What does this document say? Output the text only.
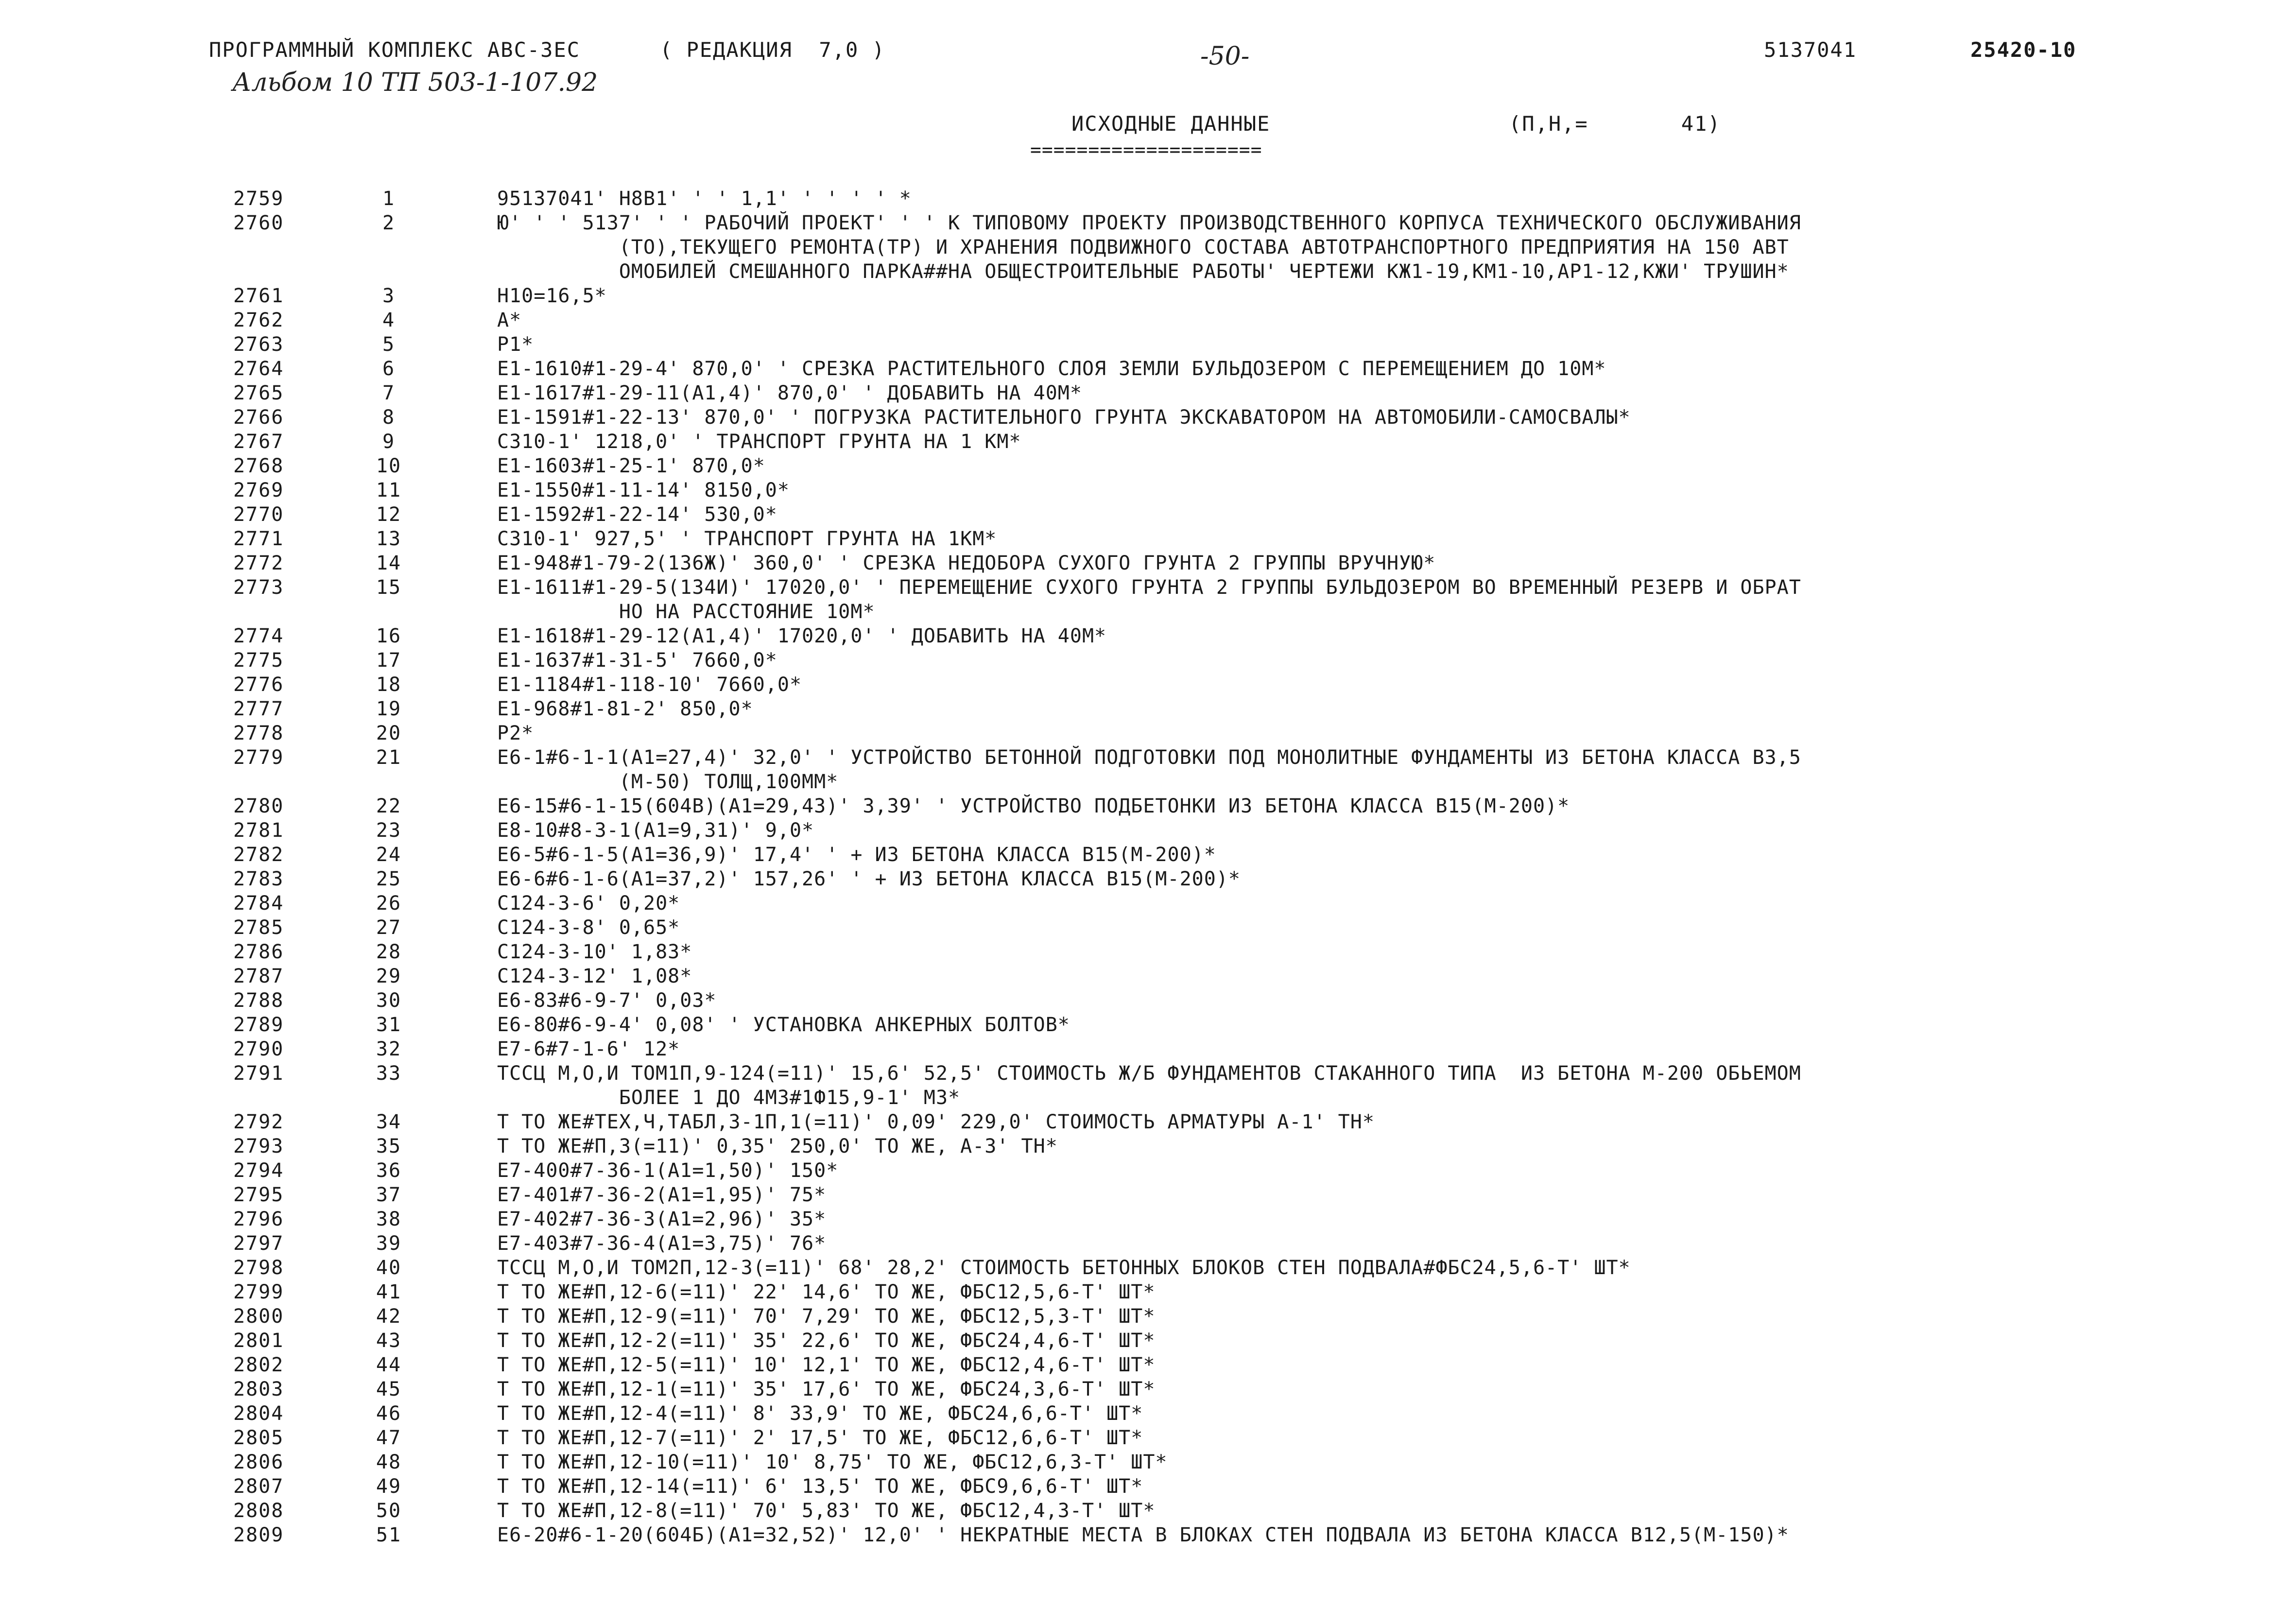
ПРОГРАММНЫЙ КОМПЛЕКС АВС-3ЕС	( РЕДАКЦИЯ  7,0 )	-50-	5137041	25420-10
Альбом 10 ТП 503-1-107.92
ИСХОДНЫЕ ДАННЫЕ
====================
(П,Н,=       41)
2759	1	95137041' Н8В1' ' ' 1,1' ' ' ' ' *
2760	2	Ю' ' ' 5137' ' ' РАБОЧИЙ ПРОЕКТ' ' ' К ТИПОВОМУ ПРОЕКТУ ПРОИЗВОДСТВЕННОГО КОРПУСА ТЕХНИЧЕСКОГО ОБСЛУЖИВАНИЯ
(ТО),ТЕКУЩЕГО РЕМОНТА(ТР) И ХРАНЕНИЯ ПОДВИЖНОГО СОСТАВА АВТОТРАНСПОРТНОГО ПРЕДПРИЯТИЯ НА 150 АВТ
ОМОБИЛЕЙ СМЕШАННОГО ПАРКА##НА ОБЩЕСТРОИТЕЛЬНЫЕ РАБОТЫ' ЧЕРТЕЖИ КЖ1-19,КМ1-10,АР1-12,КЖИ' ТРУШИН*
2761	3	Н10=16,5*
2762	4	А*
2763	5	Р1*
2764	6	Е1-1610#1-29-4' 870,0' ' СРЕЗКА РАСТИТЕЛЬНОГО СЛОЯ ЗЕМЛИ БУЛЬДОЗЕРОМ С ПЕРЕМЕЩЕНИЕМ ДО 10М*
2765	7	Е1-1617#1-29-11(А1,4)' 870,0' ' ДОБАВИТЬ НА 40М*
2766	8	Е1-1591#1-22-13' 870,0' ' ПОГРУЗКА РАСТИТЕЛЬНОГО ГРУНТА ЭКСКАВАТОРОМ НА АВТОМОБИЛИ-САМОСВАЛЫ*
2767	9	С310-1' 1218,0' ' ТРАНСПОРТ ГРУНТА НА 1 КМ*
2768	10	Е1-1603#1-25-1' 870,0*
2769	11	Е1-1550#1-11-14' 8150,0*
2770	12	Е1-1592#1-22-14' 530,0*
2771	13	С310-1' 927,5' ' ТРАНСПОРТ ГРУНТА НА 1КМ*
2772	14	Е1-948#1-79-2(136Ж)' 360,0' ' СРЕЗКА НЕДОБОРА СУХОГО ГРУНТА 2 ГРУППЫ ВРУЧНУЮ*
2773	15	Е1-1611#1-29-5(134И)' 17020,0' ' ПЕРЕМЕЩЕНИЕ СУХОГО ГРУНТА 2 ГРУППЫ БУЛЬДОЗЕРОМ ВО ВРЕМЕННЫЙ РЕЗЕРВ И ОБРАТ
НО НА РАССТОЯНИЕ 10М*
2774	16	Е1-1618#1-29-12(А1,4)' 17020,0' ' ДОБАВИТЬ НА 40М*
2775	17	Е1-1637#1-31-5' 7660,0*
2776	18	Е1-1184#1-118-10' 7660,0*
2777	19	Е1-968#1-81-2' 850,0*
2778	20	Р2*
2779	21	Е6-1#6-1-1(А1=27,4)' 32,0' ' УСТРОЙСТВО БЕТОННОЙ ПОДГОТОВКИ ПОД МОНОЛИТНЫЕ ФУНДАМЕНТЫ ИЗ БЕТОНА КЛАССА В3,5
(М-50) ТОЛЩ,100ММ*
2780	22	Е6-15#6-1-15(604В)(А1=29,43)' 3,39' ' УСТРОЙСТВО ПОДБЕТОНКИ ИЗ БЕТОНА КЛАССА В15(М-200)*
2781	23	Е8-10#8-3-1(А1=9,31)' 9,0*
2782	24	Е6-5#6-1-5(А1=36,9)' 17,4' ' + ИЗ БЕТОНА КЛАССА В15(М-200)*
2783	25	Е6-6#6-1-6(А1=37,2)' 157,26' ' + ИЗ БЕТОНА КЛАССА В15(М-200)*
2784	26	С124-3-6' 0,20*
2785	27	С124-3-8' 0,65*
2786	28	С124-3-10' 1,83*
2787	29	С124-3-12' 1,08*
2788	30	Е6-83#6-9-7' 0,03*
2789	31	Е6-80#6-9-4' 0,08' ' УСТАНОВКА АНКЕРНЫХ БОЛТОВ*
2790	32	Е7-6#7-1-6' 12*
2791	33	ТССЦ М,О,И ТОМ1П,9-124(=11)' 15,6' 52,5' СТОИМОСТЬ Ж/Б ФУНДАМЕНТОВ СТАКАННОГО ТИПА  ИЗ БЕТОНА М-200 ОБЬЕМОМ
БОЛЕЕ 1 ДО 4М3#1Ф15,9-1' М3*
2792	34	Т ТО ЖЕ#ТЕХ,Ч,ТАБЛ,3-1П,1(=11)' 0,09' 229,0' СТОИМОСТЬ АРМАТУРЫ А-1' ТН*
2793	35	Т ТО ЖЕ#П,3(=11)' 0,35' 250,0' ТО ЖЕ, А-3' ТН*
2794	36	Е7-400#7-36-1(А1=1,50)' 150*
2795	37	Е7-401#7-36-2(А1=1,95)' 75*
2796	38	Е7-402#7-36-3(А1=2,96)' 35*
2797	39	Е7-403#7-36-4(А1=3,75)' 76*
2798	40	ТССЦ М,О,И ТОМ2П,12-3(=11)' 68' 28,2' СТОИМОСТЬ БЕТОННЫХ БЛОКОВ СТЕН ПОДВАЛА#ФБС24,5,6-Т' ШТ*
2799	41	Т ТО ЖЕ#П,12-6(=11)' 22' 14,6' ТО ЖЕ, ФБС12,5,6-Т' ШТ*
2800	42	Т ТО ЖЕ#П,12-9(=11)' 70' 7,29' ТО ЖЕ, ФБС12,5,3-Т' ШТ*
2801	43	Т ТО ЖЕ#П,12-2(=11)' 35' 22,6' ТО ЖЕ, ФБС24,4,6-Т' ШТ*
2802	44	Т ТО ЖЕ#П,12-5(=11)' 10' 12,1' ТО ЖЕ, ФБС12,4,6-Т' ШТ*
2803	45	Т ТО ЖЕ#П,12-1(=11)' 35' 17,6' ТО ЖЕ, ФБС24,3,6-Т' ШТ*
2804	46	Т ТО ЖЕ#П,12-4(=11)' 8' 33,9' ТО ЖЕ, ФБС24,6,6-Т' ШТ*
2805	47	Т ТО ЖЕ#П,12-7(=11)' 2' 17,5' ТО ЖЕ, ФБС12,6,6-Т' ШТ*
2806	48	Т ТО ЖЕ#П,12-10(=11)' 10' 8,75' ТО ЖЕ, ФБС12,6,3-Т' ШТ*
2807	49	Т ТО ЖЕ#П,12-14(=11)' 6' 13,5' ТО ЖЕ, ФБС9,6,6-Т' ШТ*
2808	50	Т ТО ЖЕ#П,12-8(=11)' 70' 5,83' ТО ЖЕ, ФБС12,4,3-Т' ШТ*
2809	51	Е6-20#6-1-20(604Б)(А1=32,52)' 12,0' ' НЕКРАТНЫЕ МЕСТА В БЛОКАХ СТЕН ПОДВАЛА ИЗ БЕТОНА КЛАССА В12,5(М-150)*
